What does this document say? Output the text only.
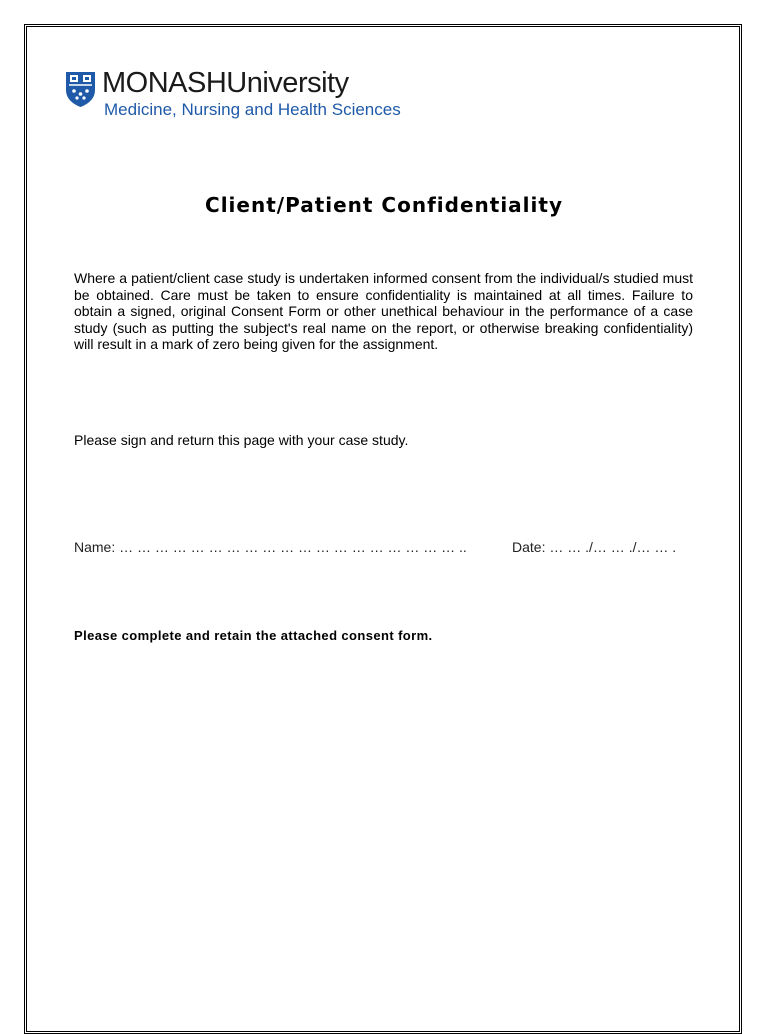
MONASHUniversity
Medicine, Nursing and Health Sciences
Client/Patient Confidentiality
Where a patient/client case study is undertaken informed consent from the individual/s studied must be obtained. Care must be taken to ensure confidentiality is maintained at all times. Failure to obtain a signed, original Consent Form or other unethical behaviour in the performance of a case study (such as putting the subject's real name on the report, or otherwise breaking confidentiality) will result in a mark of zero being given for the assignment.
Please sign and return this page with your case study.
Name: … … … … … … … … … … … … … … … … … … … ..	Date: … … ./… … ./… … .
Please complete and retain the attached consent form.
